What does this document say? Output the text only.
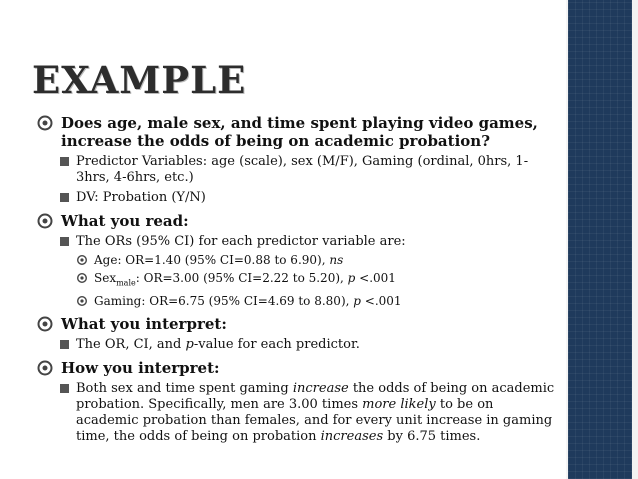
EXAMPLE
Does age, male sex, and time spent playing video games, increase the odds of being on academic probation?
Predictor Variables: age (scale), sex (M/F), Gaming (ordinal, 0hrs, 1-3hrs, 4-6hrs, etc.)
DV: Probation (Y/N)
What you read:
The ORs (95% CI) for each predictor variable are:
Age: OR=1.40 (95% CI=0.88 to 6.90), ns
Sex$_{male}$: OR=3.00 (95% CI=2.22 to 5.20), p <.001
Gaming: OR=6.75 (95% CI=4.69 to 8.80), p <.001
What you interpret:
The OR, CI, and p-value for each predictor.
How you interpret:
Both sex and time spent gaming increase the odds of being on academic probation. Specifically, men are 3.00 times more likely to be on academic probation than females, and for every unit increase in gaming time, the odds of being on probation increases by 6.75 times.
